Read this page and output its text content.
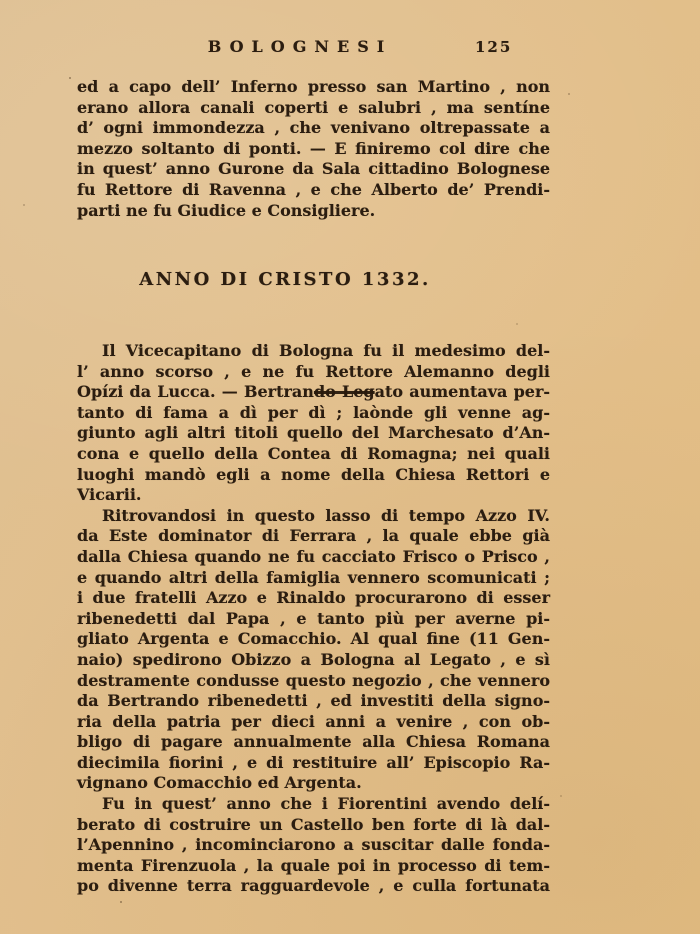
BOLOGNESI	125
ed a capo dell’ Inferno presso san Martino , non
erano allora canali coperti e salubri , ma sentíne
d’ ogni immondezza , che venivano oltrepassate a
mezzo soltanto di ponti. — E finiremo col dire che
in quest’ anno Gurone da Sala cittadino Bolognese
fu Rettore di Ravenna , e che Alberto de’ Prendi-
parti ne fu Giudice e Consigliere.
ANNO DI CRISTO 1332.
Il Vicecapitano di Bologna fu il medesimo del-
l’ anno scorso , e ne fu Rettore Alemanno degli
Opízi da Lucca. — Bertrando Legato aumentava per-
tanto di fama a dì per dì ; laònde gli venne ag-
giunto agli altri titoli quello del Marchesato d’An-
cona e quello della Contea di Romagna; nei quali
luoghi mandò egli a nome della Chiesa Rettori e
Vicarii.
Ritrovandosi in questo lasso di tempo Azzo IV.
da Este dominator di Ferrara , la quale ebbe già
dalla Chiesa quando ne fu cacciato Frisco o Prisco ,
e quando altri della famiglia vennero scomunicati ;
i due fratelli Azzo e Rinaldo procurarono di esser
ribenedetti dal Papa , e tanto più per averne pi-
gliato Argenta e Comacchio. Al qual fine (11 Gen-
naio) spedirono Obizzo a Bologna al Legato , e sì
destramente condusse questo negozio , che vennero
da Bertrando ribenedetti , ed investiti della signo-
ria della patria per dieci anni a venire , con ob-
bligo di pagare annualmente alla Chiesa Romana
diecimila fiorini , e di restituire all’ Episcopio Ra-
vignano Comacchio ed Argenta.
Fu in quest’ anno che i Fiorentini avendo delí-
berato di costruire un Castello ben forte di là dal-
l’Apennino , incominciarono a suscitar dalle fonda-
menta Firenzuola , la quale poi in processo di tem-
po divenne terra ragguardevole , e culla fortunata
